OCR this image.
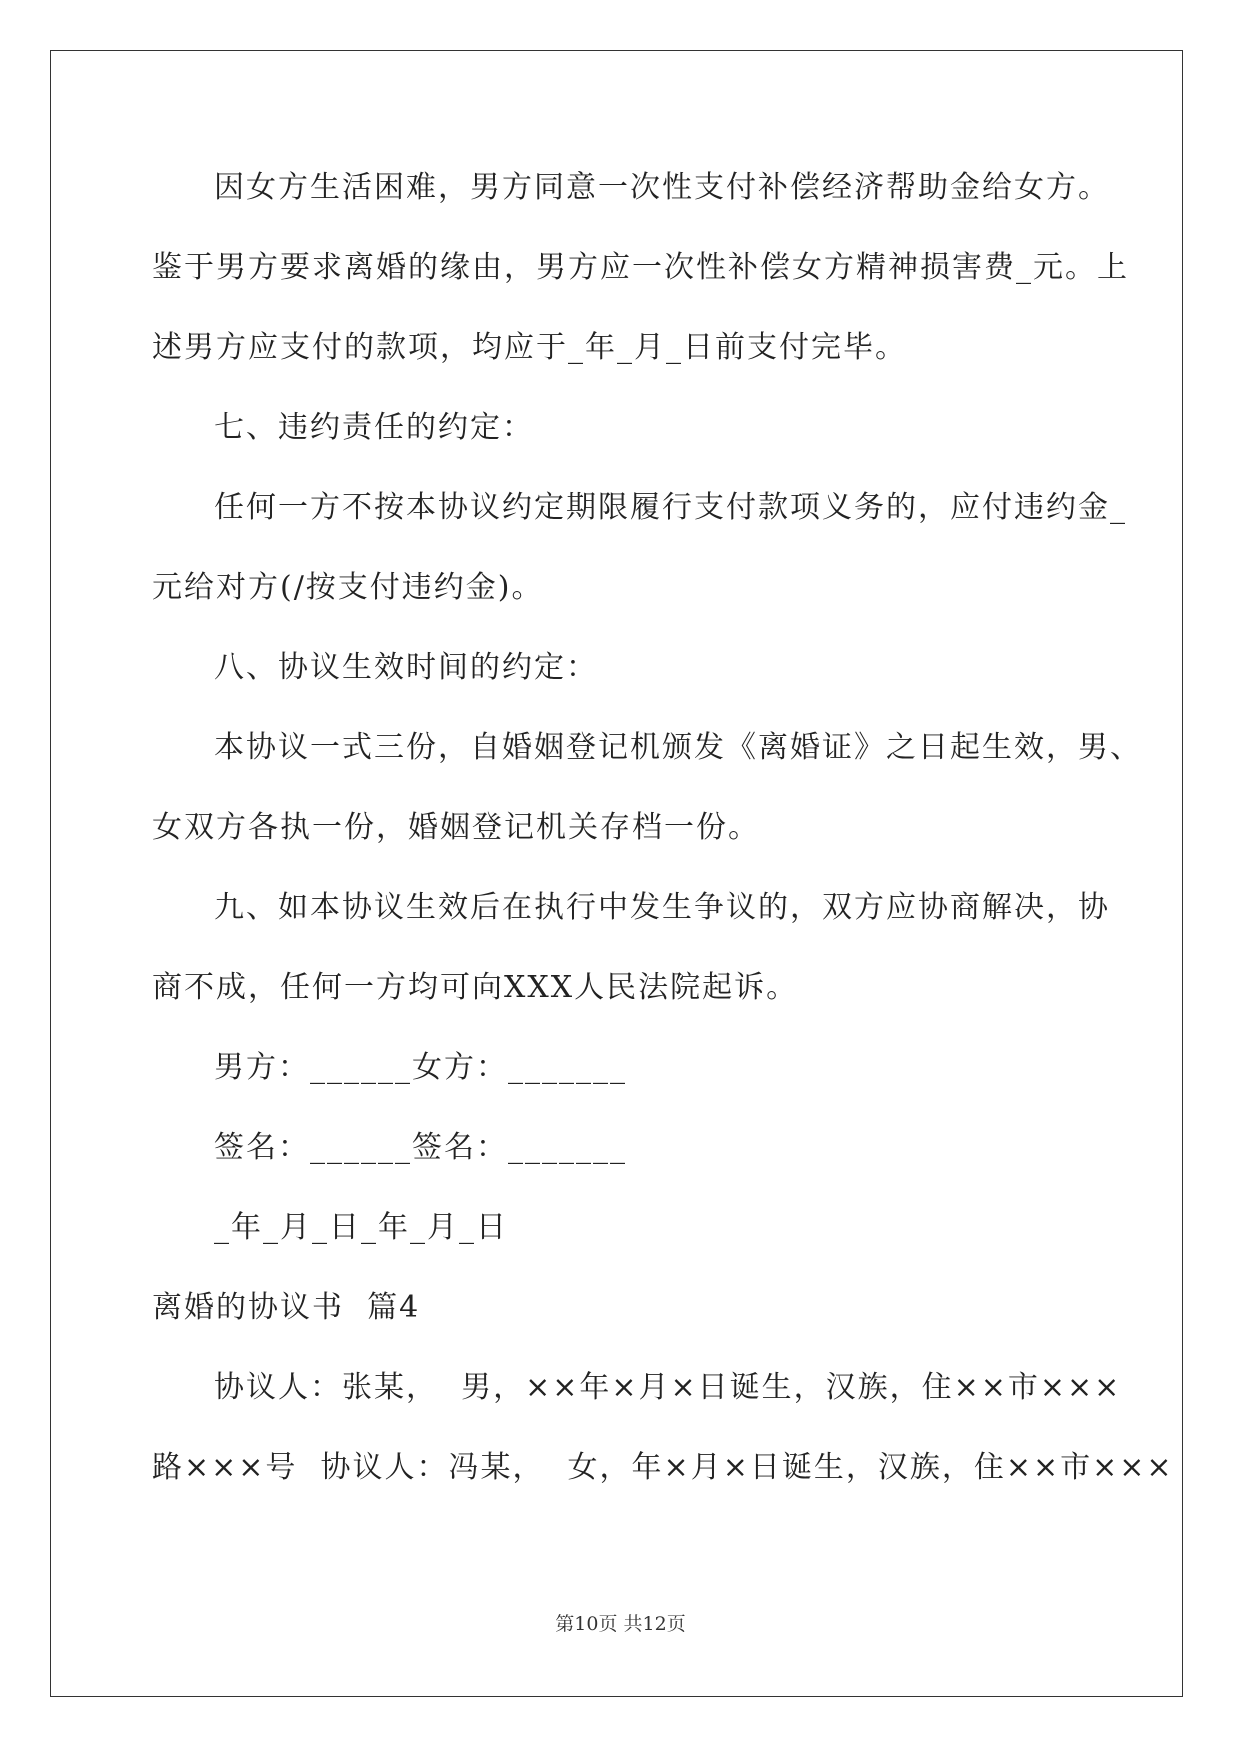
因女方生活困难，男方同意一次性支付补偿经济帮助金给女方。
鉴于男方要求离婚的缘由，男方应一次性补偿女方精神损害费_元。上
述男方应支付的款项，均应于_年_月_日前支付完毕。
七、违约责任的约定：
任何一方不按本协议约定期限履行支付款项义务的，应付违约金_
元给对方(/按支付违约金)。
八、协议生效时间的约定：
本协议一式三份，自婚姻登记机颁发《离婚证》之日起生效，男、
女双方各执一份，婚姻登记机关存档一份。
九、如本协议生效后在执行中发生争议的，双方应协商解决，协
商不成，任何一方均可向XXX人民法院起诉。
男方：______女方：_______
签名：______签名：_______
_年_月_日_年_月_日
离婚的协议书  篇4
协议人：张某，  男，××年×月×日诞生，汉族，住××市×××
路×××号  协议人：冯某，  女，年×月×日诞生，汉族，住××市×××
第10页 共12页
